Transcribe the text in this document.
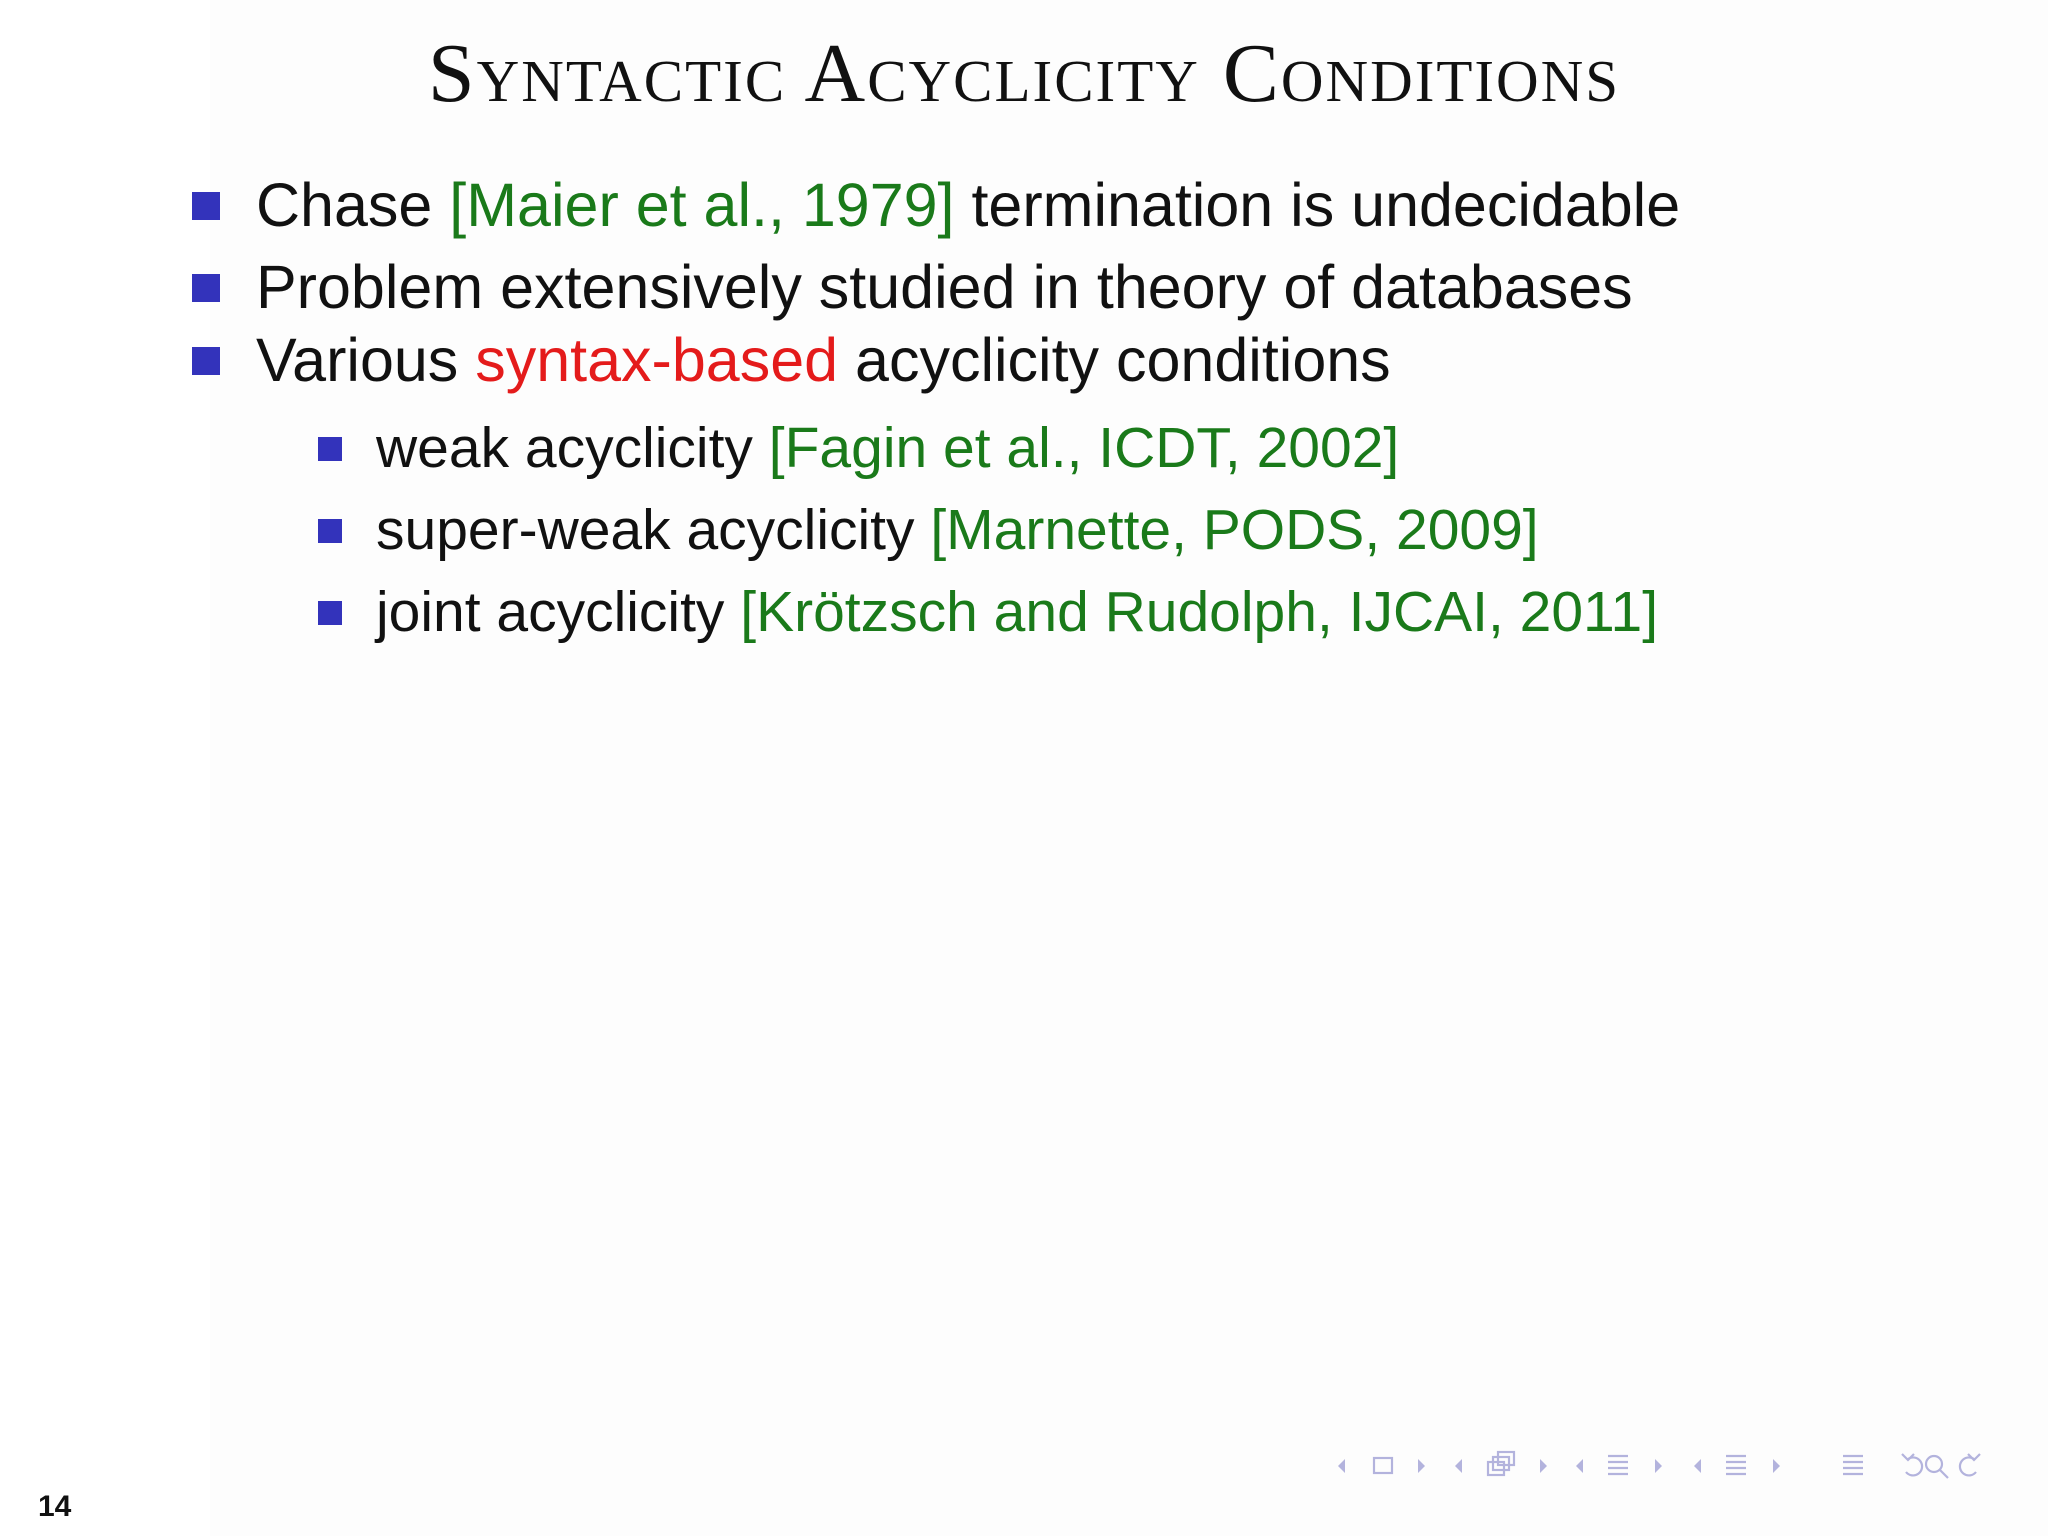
Syntactic Acyclicity Conditions
Chase [Maier et al., 1979] termination is undecidable
Problem extensively studied in theory of databases
Various syntax-based acyclicity conditions
weak acyclicity [Fagin et al., ICDT, 2002]
super-weak acyclicity [Marnette, PODS, 2009]
joint acyclicity [Krötzsch and Rudolph, IJCAI, 2011]
14
